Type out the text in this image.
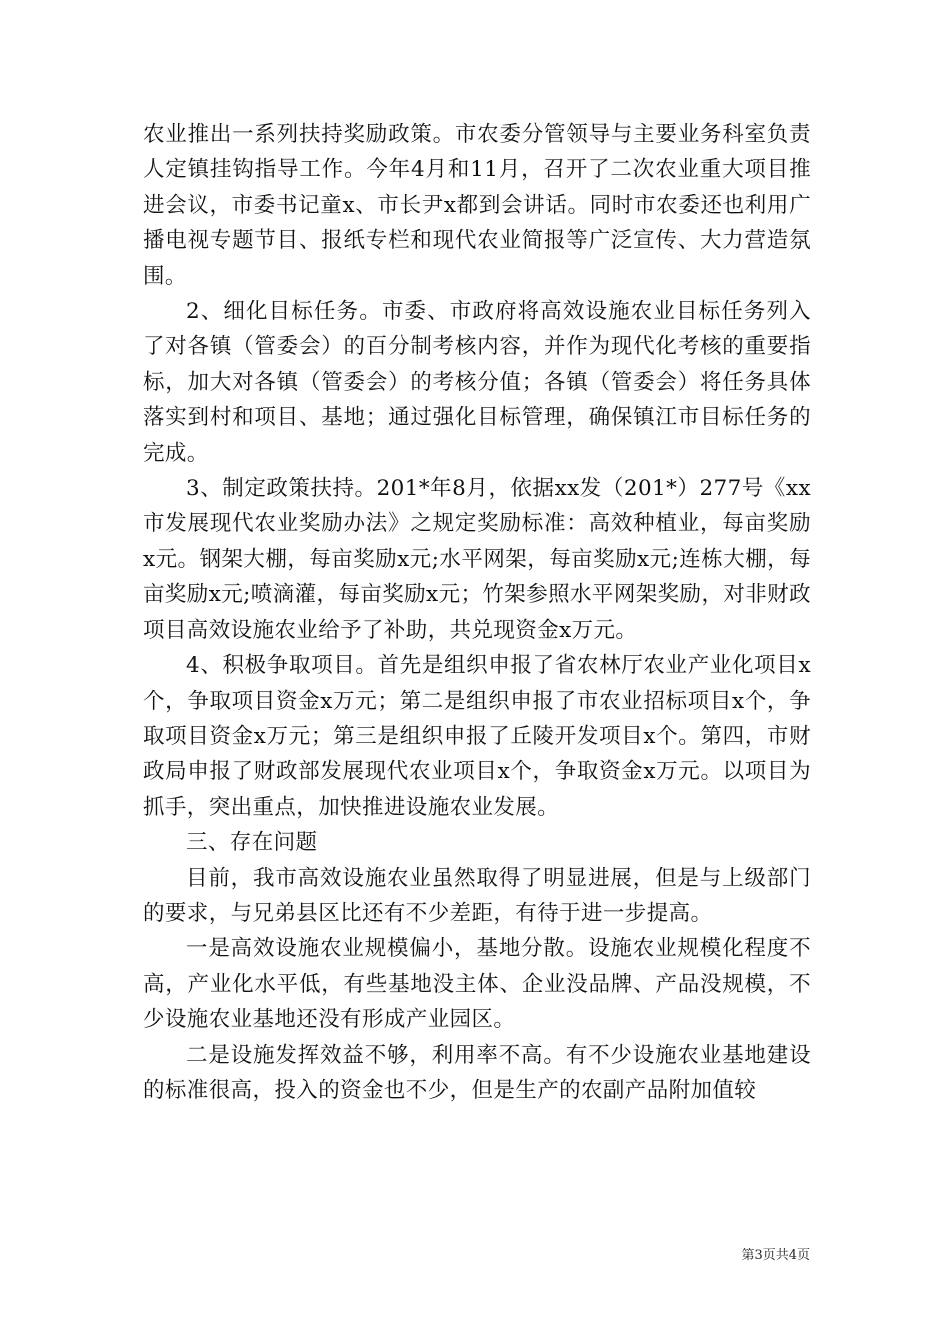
农业推出一系列扶持奖励政策。市农委分管领导与主要业务科室负责人定镇挂钩指导工作。今年4月和11月，召开了二次农业重大项目推进会议，市委书记童x、市长尹x都到会讲话。同时市农委还也利用广播电视专题节目、报纸专栏和现代农业简报等广泛宣传、大力营造氛围。

2、细化目标任务。市委、市政府将高效设施农业目标任务列入了对各镇（管委会）的百分制考核内容，并作为现代化考核的重要指标，加大对各镇（管委会）的考核分值；各镇（管委会）将任务具体落实到村和项目、基地；通过强化目标管理，确保镇江市目标任务的完成。

3、制定政策扶持。201*年8月，依据xx发（201*）277号《xx市发展现代农业奖励办法》之规定奖励标准：高效种植业，每亩奖励x元。钢架大棚，每亩奖励x元;水平网架，每亩奖励x元;连栋大棚，每亩奖励x元;喷滴灌，每亩奖励x元；竹架参照水平网架奖励，对非财政项目高效设施农业给予了补助，共兑现资金x万元。

4、积极争取项目。首先是组织申报了省农林厅农业产业化项目x个，争取项目资金x万元；第二是组织申报了市农业招标项目x个，争取项目资金x万元；第三是组织申报了丘陵开发项目x个。第四，市财政局申报了财政部发展现代农业项目x个，争取资金x万元。以项目为抓手，突出重点，加快推进设施农业发展。

三、存在问题

目前，我市高效设施农业虽然取得了明显进展，但是与上级部门的要求，与兄弟县区比还有不少差距，有待于进一步提高。

一是高效设施农业规模偏小，基地分散。设施农业规模化程度不高，产业化水平低，有些基地没主体、企业没品牌、产品没规模，不少设施农业基地还没有形成产业园区。

二是设施发挥效益不够，利用率不高。有不少设施农业基地建设的标准很高，投入的资金也不少，但是生产的农副产品附加值较

第3页共4页
